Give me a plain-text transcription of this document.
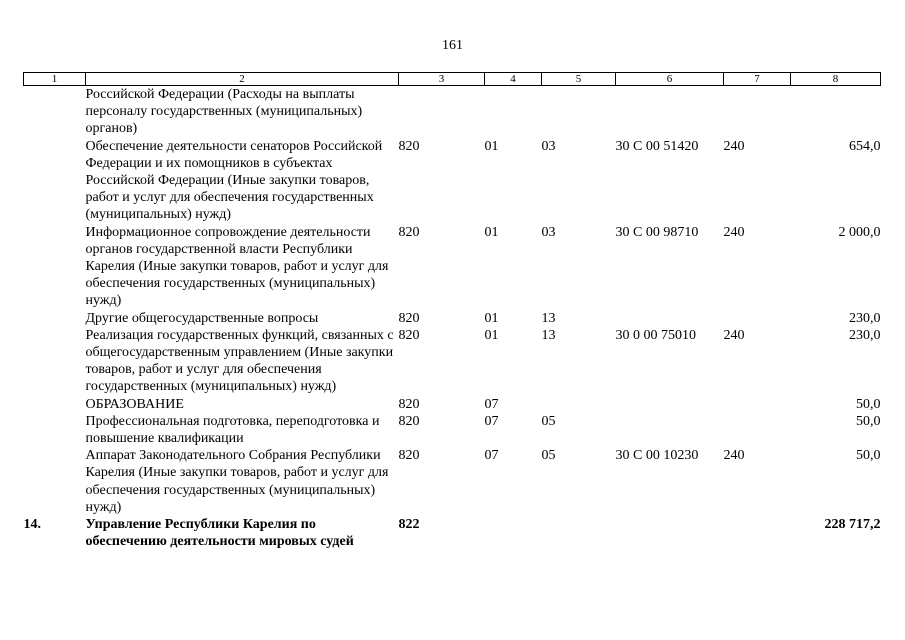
161
1	2	3	4	5	6	7	8
	Российской Федерации (Расходы на выплаты персоналу государственных (муниципальных) органов)						
	Обеспечение деятельности сенаторов Российской Федерации и их помощников в субъектах Российской Федерации (Иные закупки товаров, работ и услуг для обеспечения государственных (муниципальных) нужд)	820	01	03	30 С 00 51420	240	654,0
	Информационное сопровождение деятельности органов государственной власти Республики Карелия (Иные закупки товаров, работ и услуг для обеспечения государственных (муниципальных) нужд)	820	01	03	30 С 00 98710	240	2 000,0
	Другие общегосударственные вопросы	820	01	13			230,0
	Реализация государственных функций, связанных с общегосударственным управлением (Иные закупки товаров, работ и услуг для обеспечения государственных (муниципальных) нужд)	820	01	13	30 0 00 75010	240	230,0
	ОБРАЗОВАНИЕ	820	07				50,0
	Профессиональная подготовка, переподготовка и повышение квалификации	820	07	05			50,0
	Аппарат Законодательного Собрания Республики Карелия (Иные закупки товаров, работ и услуг для обеспечения государственных (муниципальных) нужд)	820	07	05	30 С 00 10230	240	50,0
14.	Управление Республики Карелия по обеспечению деятельности мировых судей	822					228 717,2
